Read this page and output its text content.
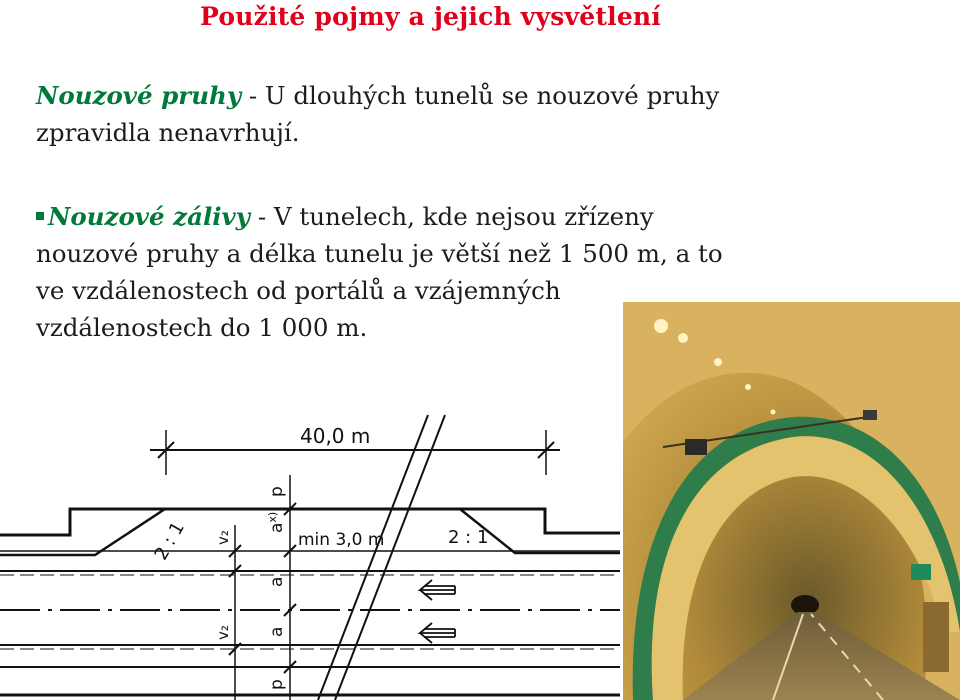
Použité pojmy a jejich vysvětlení
Nouzové pruhy - U dlouhých tunelů se nouzové pruhy
zpravidla nenavrhují.
Nouzové zálivy - V tunelech, kde nejsou zřízeny
nouzové pruhy a délka tunelu je větší než 1 500 m, a to
ve vzdálenostech od portálů a vzájemných
vzdálenostech do 1 000 m.
40,0 m
min 3,0 m
2 : 1	2 : 1
p
$a^{x)}$
a
a
p
v₂
v₂
